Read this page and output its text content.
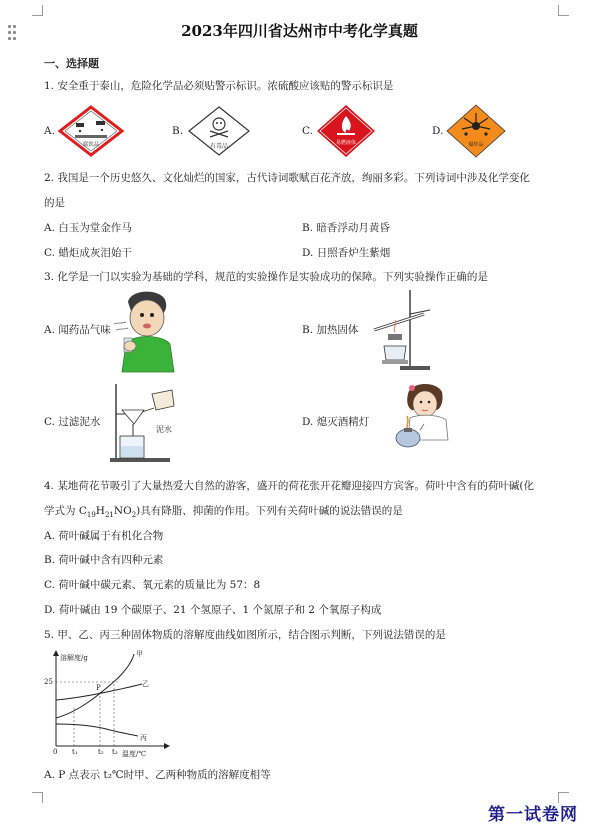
2023年四川省达州市中考化学真题
一、选择题
1. 安全重于泰山，危险化学品必须贴警示标识。浓硫酸应该贴的警示标识是
A.
腐蚀品
B.
有毒品
C.
易燃液体
D.
爆炸品
2. 我国是一个历史悠久、文化灿烂的国家，古代诗词歌赋百花齐放，绚丽多彩。下列诗词中涉及化学变化
的是
A. 白玉为堂金作马	B. 暗香浮动月黄昏
C. 蜡炬成灰泪始干	D. 日照香炉生紫烟
3. 化学是一门以实验为基础的学科，规范的实验操作是实验成功的保障。下列实验操作正确的是
A. 闻药品气味	B. 加热固体
C. 过滤泥水
泥水
D. 熄灭酒精灯
4. 某地荷花节吸引了大量热爱大自然的游客，盛开的荷花张开花瓣迎接四方宾客。荷叶中含有的荷叶碱(化
学式为 $C_{19}H_{21}NO_2$)具有降脂、抑菌的作用。下列有关荷叶碱的说法错误的是
A. 荷叶碱属于有机化合物
B. 荷叶碱中含有四种元素
C. 荷叶碱中碳元素、氧元素的质量比为 57：8
D. 荷叶碱由 19 个碳原子、21 个氢原子、1 个氮原子和 2 个氧原子构成
5. 甲、乙、丙三种固体物质的溶解度曲线如图所示，结合图示判断，下列说法错误的是
溶解度/g
温度/℃
25
0 t₁	t₂ t₃
甲
乙
丙
P
A. P 点表示 t₂℃时甲、乙两种物质的溶解度相等
第一试卷网
